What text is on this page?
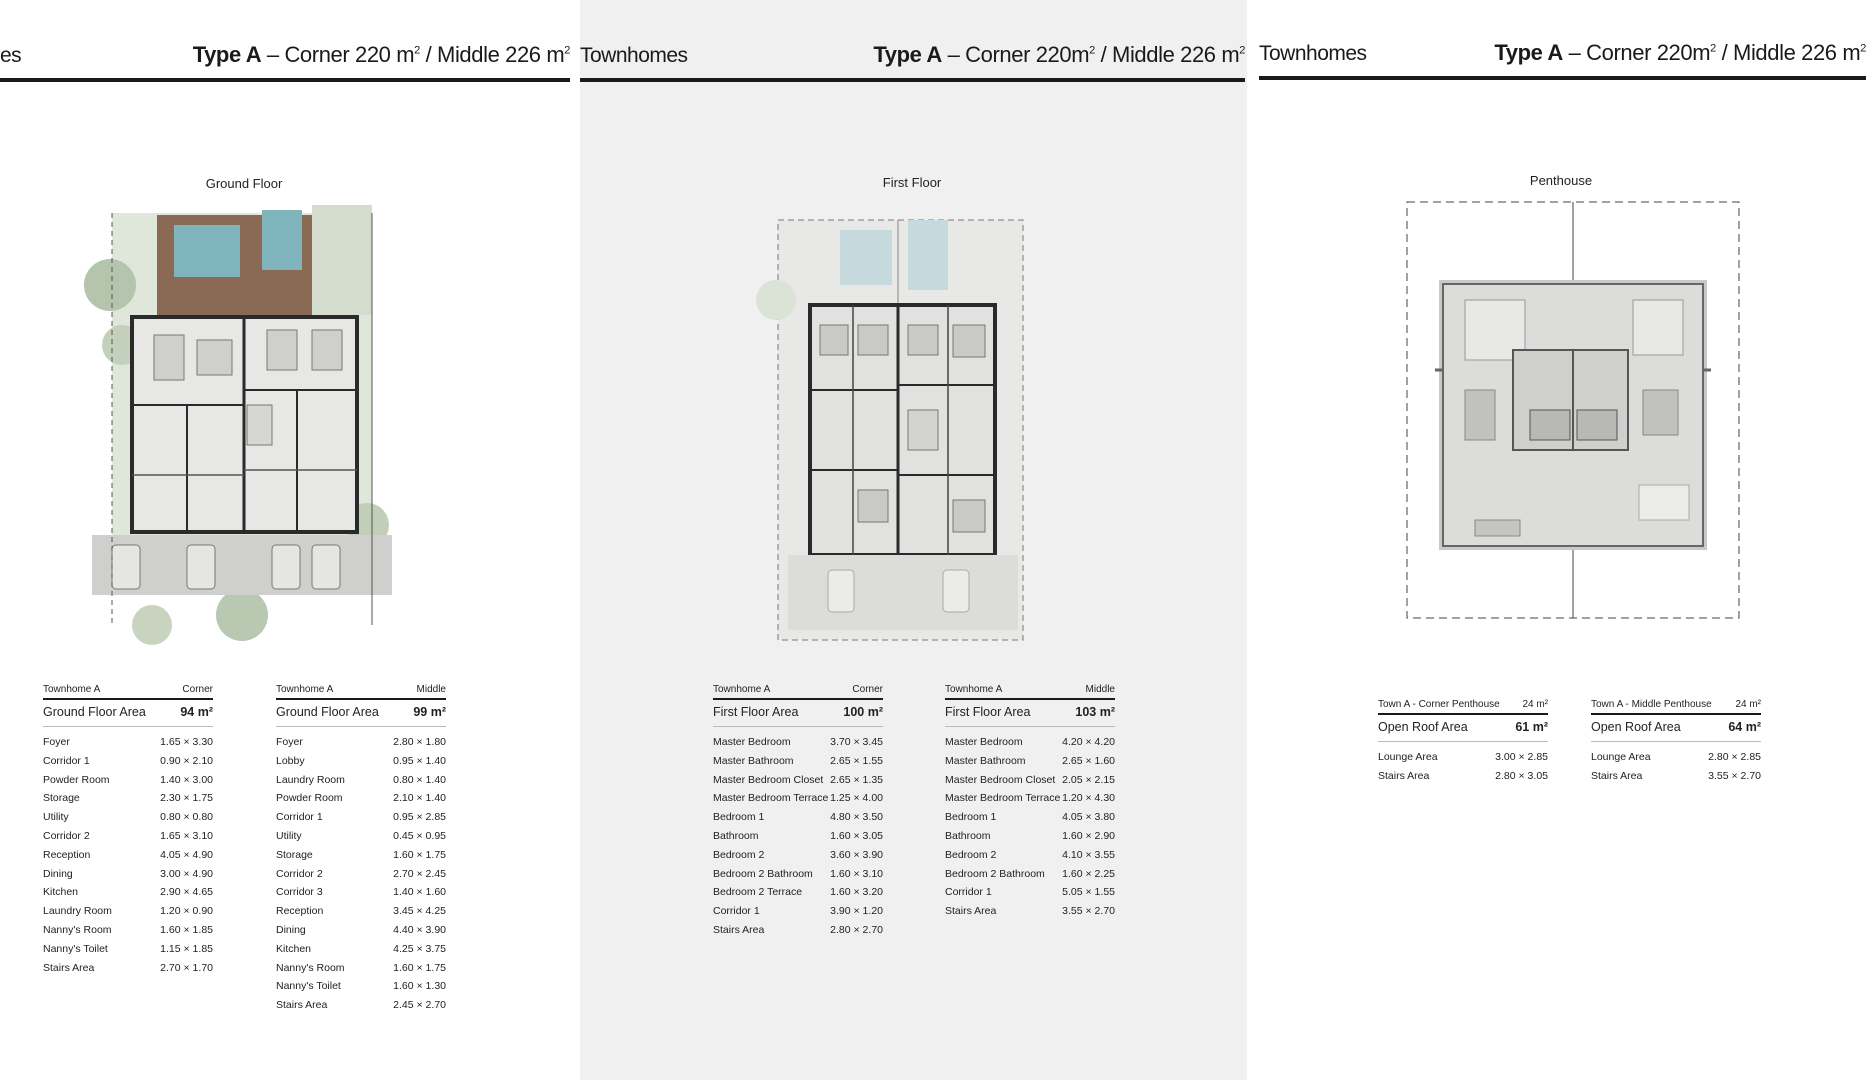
es	Type A – Corner 220 $m^2$ / Middle 226 $m^2$
Ground Floor
Townhome A	Corner
Ground Floor Area	94 m²
Foyer	1.65 × 3.30
Corridor 1	0.90 × 2.10
Powder Room	1.40 × 3.00
Storage	2.30 × 1.75
Utility	0.80 × 0.80
Corridor 2	1.65 × 3.10
Reception	4.05 × 4.90
Dining	3.00 × 4.90
Kitchen	2.90 × 4.65
Laundry Room	1.20 × 0.90
Nanny's Room	1.60 × 1.85
Nanny's Toilet	1.15 × 1.85
Stairs Area	2.70 × 1.70
Townhome A	Middle
Ground Floor Area	99 m²
Foyer	2.80 × 1.80
Lobby	0.95 × 1.40
Laundry Room	0.80 × 1.40
Powder Room	2.10 × 1.40
Corridor 1	0.95 × 2.85
Utility	0.45 × 0.95
Storage	1.60 × 1.75
Corridor 2	2.70 × 2.45
Corridor 3	1.40 × 1.60
Reception	3.45 × 4.25
Dining	4.40 × 3.90
Kitchen	4.25 × 3.75
Nanny's Room	1.60 × 1.75
Nanny's Toilet	1.60 × 1.30
Stairs Area	2.45 × 2.70
Townhomes	Type A – Corner $220m^2$ / Middle 226 $m^2$
First Floor
Townhome A	Corner
First Floor Area	100 m²
Master Bedroom	3.70 × 3.45
Master Bathroom	2.65 × 1.55
Master Bedroom Closet 2.65 × 1.35
Master Bedroom Terrace 1.25 × 4.00
Bedroom 1	4.80 × 3.50
Bathroom	1.60 × 3.05
Bedroom 2	3.60 × 3.90
Bedroom 2 Bathroom 1.60 × 3.10
Bedroom 2 Terrace	1.60 × 3.20
Corridor 1	3.90 × 1.20
Stairs Area	2.80 × 2.70
Townhome A	Middle
First Floor Area	103 m²
Master Bedroom	4.20 × 4.20
Master Bathroom	2.65 × 1.60
Master Bedroom Closet 2.05 × 2.15
Master Bedroom Terrace 1.20 × 4.30
Bedroom 1	4.05 × 3.80
Bathroom	1.60 × 2.90
Bedroom 2	4.10 × 3.55
Bedroom 2 Bathroom 1.60 × 2.25
Corridor 1	5.05 × 1.55
Stairs Area	3.55 × 2.70
Townhomes	Type A – Corner $220m^2$ / Middle 226 $m^2$
Penthouse
Town A - Corner Penthouse 24 m²
Open Roof Area	61 m²
Lounge Area	3.00 × 2.85
Stairs Area	2.80 × 3.05
Town A - Middle Penthouse 24 m²
Open Roof Area	64 m²
Lounge Area	2.80 × 2.85
Stairs Area	3.55 × 2.70
